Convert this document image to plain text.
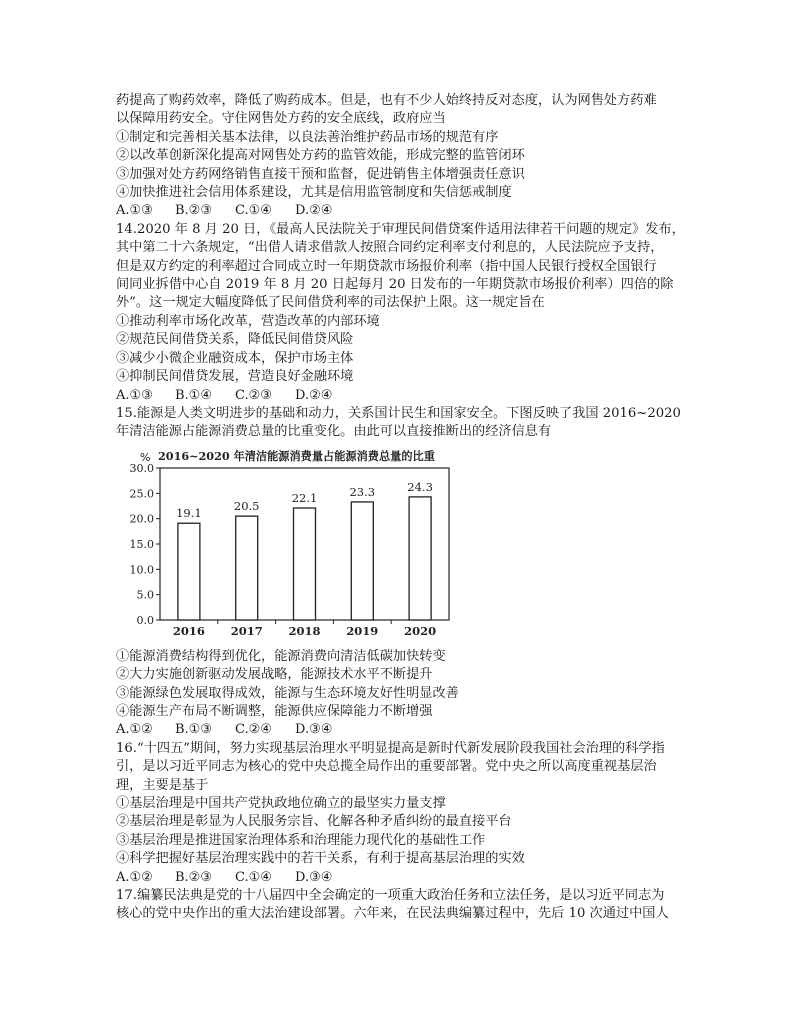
药提高了购药效率，降低了购药成本。但是，也有不少人始终持反对态度，认为网售处方药难
以保障用药安全。守住网售处方药的安全底线，政府应当
①制定和完善相关基本法律，以良法善治维护药品市场的规范有序
②以改革创新深化提高对网售处方药的监管效能，形成完整的监管闭环
③加强对处方药网络销售直接干预和监督，促进销售主体增强责任意识
④加快推进社会信用体系建设，尤其是信用监管制度和失信惩戒制度
A.①③	B.②③	C.①④	D.②④
14.2020 年 8 月 20 日，《最高人民法院关于审理民间借贷案件适用法律若干问题的规定》发布，
其中第二十六条规定，“出借人请求借款人按照合同约定利率支付利息的，人民法院应予支持，
但是双方约定的利率超过合同成立时一年期贷款市场报价利率（指中国人民银行授权全国银行
间同业拆借中心自 2019 年 8 月 20 日起每月 20 日发布的一年期贷款市场报价利率）四倍的除
外”。这一规定大幅度降低了民间借贷利率的司法保护上限。这一规定旨在
①推动利率市场化改革，营造改革的内部环境
②规范民间借贷关系，降低民间借贷风险
③减少小微企业融资成本，保护市场主体
④抑制民间借贷发展，营造良好金融环境
A.①③	B.①④	C.②③	D.②④
15.能源是人类文明进步的基础和动力，关系国计民生和国家安全。下图反映了我国 2016~2020
年清洁能源占能源消费总量的比重变化。由此可以直接推断出的经济信息有
% 2016~2020 年清洁能源消费量占能源消费总量的比重
30.0
25.0
20.0
15.0
10.0
5.0
0.0
19.1
2016
20.5
2017
22.1
2018
23.3
2019
24.3
2020
①能源消费结构得到优化，能源消费向清洁低碳加快转变
②大力实施创新驱动发展战略，能源技术水平不断提升
③能源绿色发展取得成效，能源与生态环境友好性明显改善
④能源生产布局不断调整，能源供应保障能力不断增强
A.①②	B.①③	C.②④	D.③④
16.“十四五”期间，努力实现基层治理水平明显提高是新时代新发展阶段我国社会治理的科学指
引，是以习近平同志为核心的党中央总揽全局作出的重要部署。党中央之所以高度重视基层治
理，主要是基于
①基层治理是中国共产党执政地位确立的最坚实力量支撑
②基层治理是彰显为人民服务宗旨、化解各种矛盾纠纷的最直接平台
③基层治理是推进国家治理体系和治理能力现代化的基础性工作
④科学把握好基层治理实践中的若干关系，有利于提高基层治理的实效
A.①②	B.②③	C.①④	D.③④
17.编纂民法典是党的十八届四中全会确定的一项重大政治任务和立法任务，是以习近平同志为
核心的党中央作出的重大法治建设部署。六年来，在民法典编纂过程中，先后 10 次通过中国人
